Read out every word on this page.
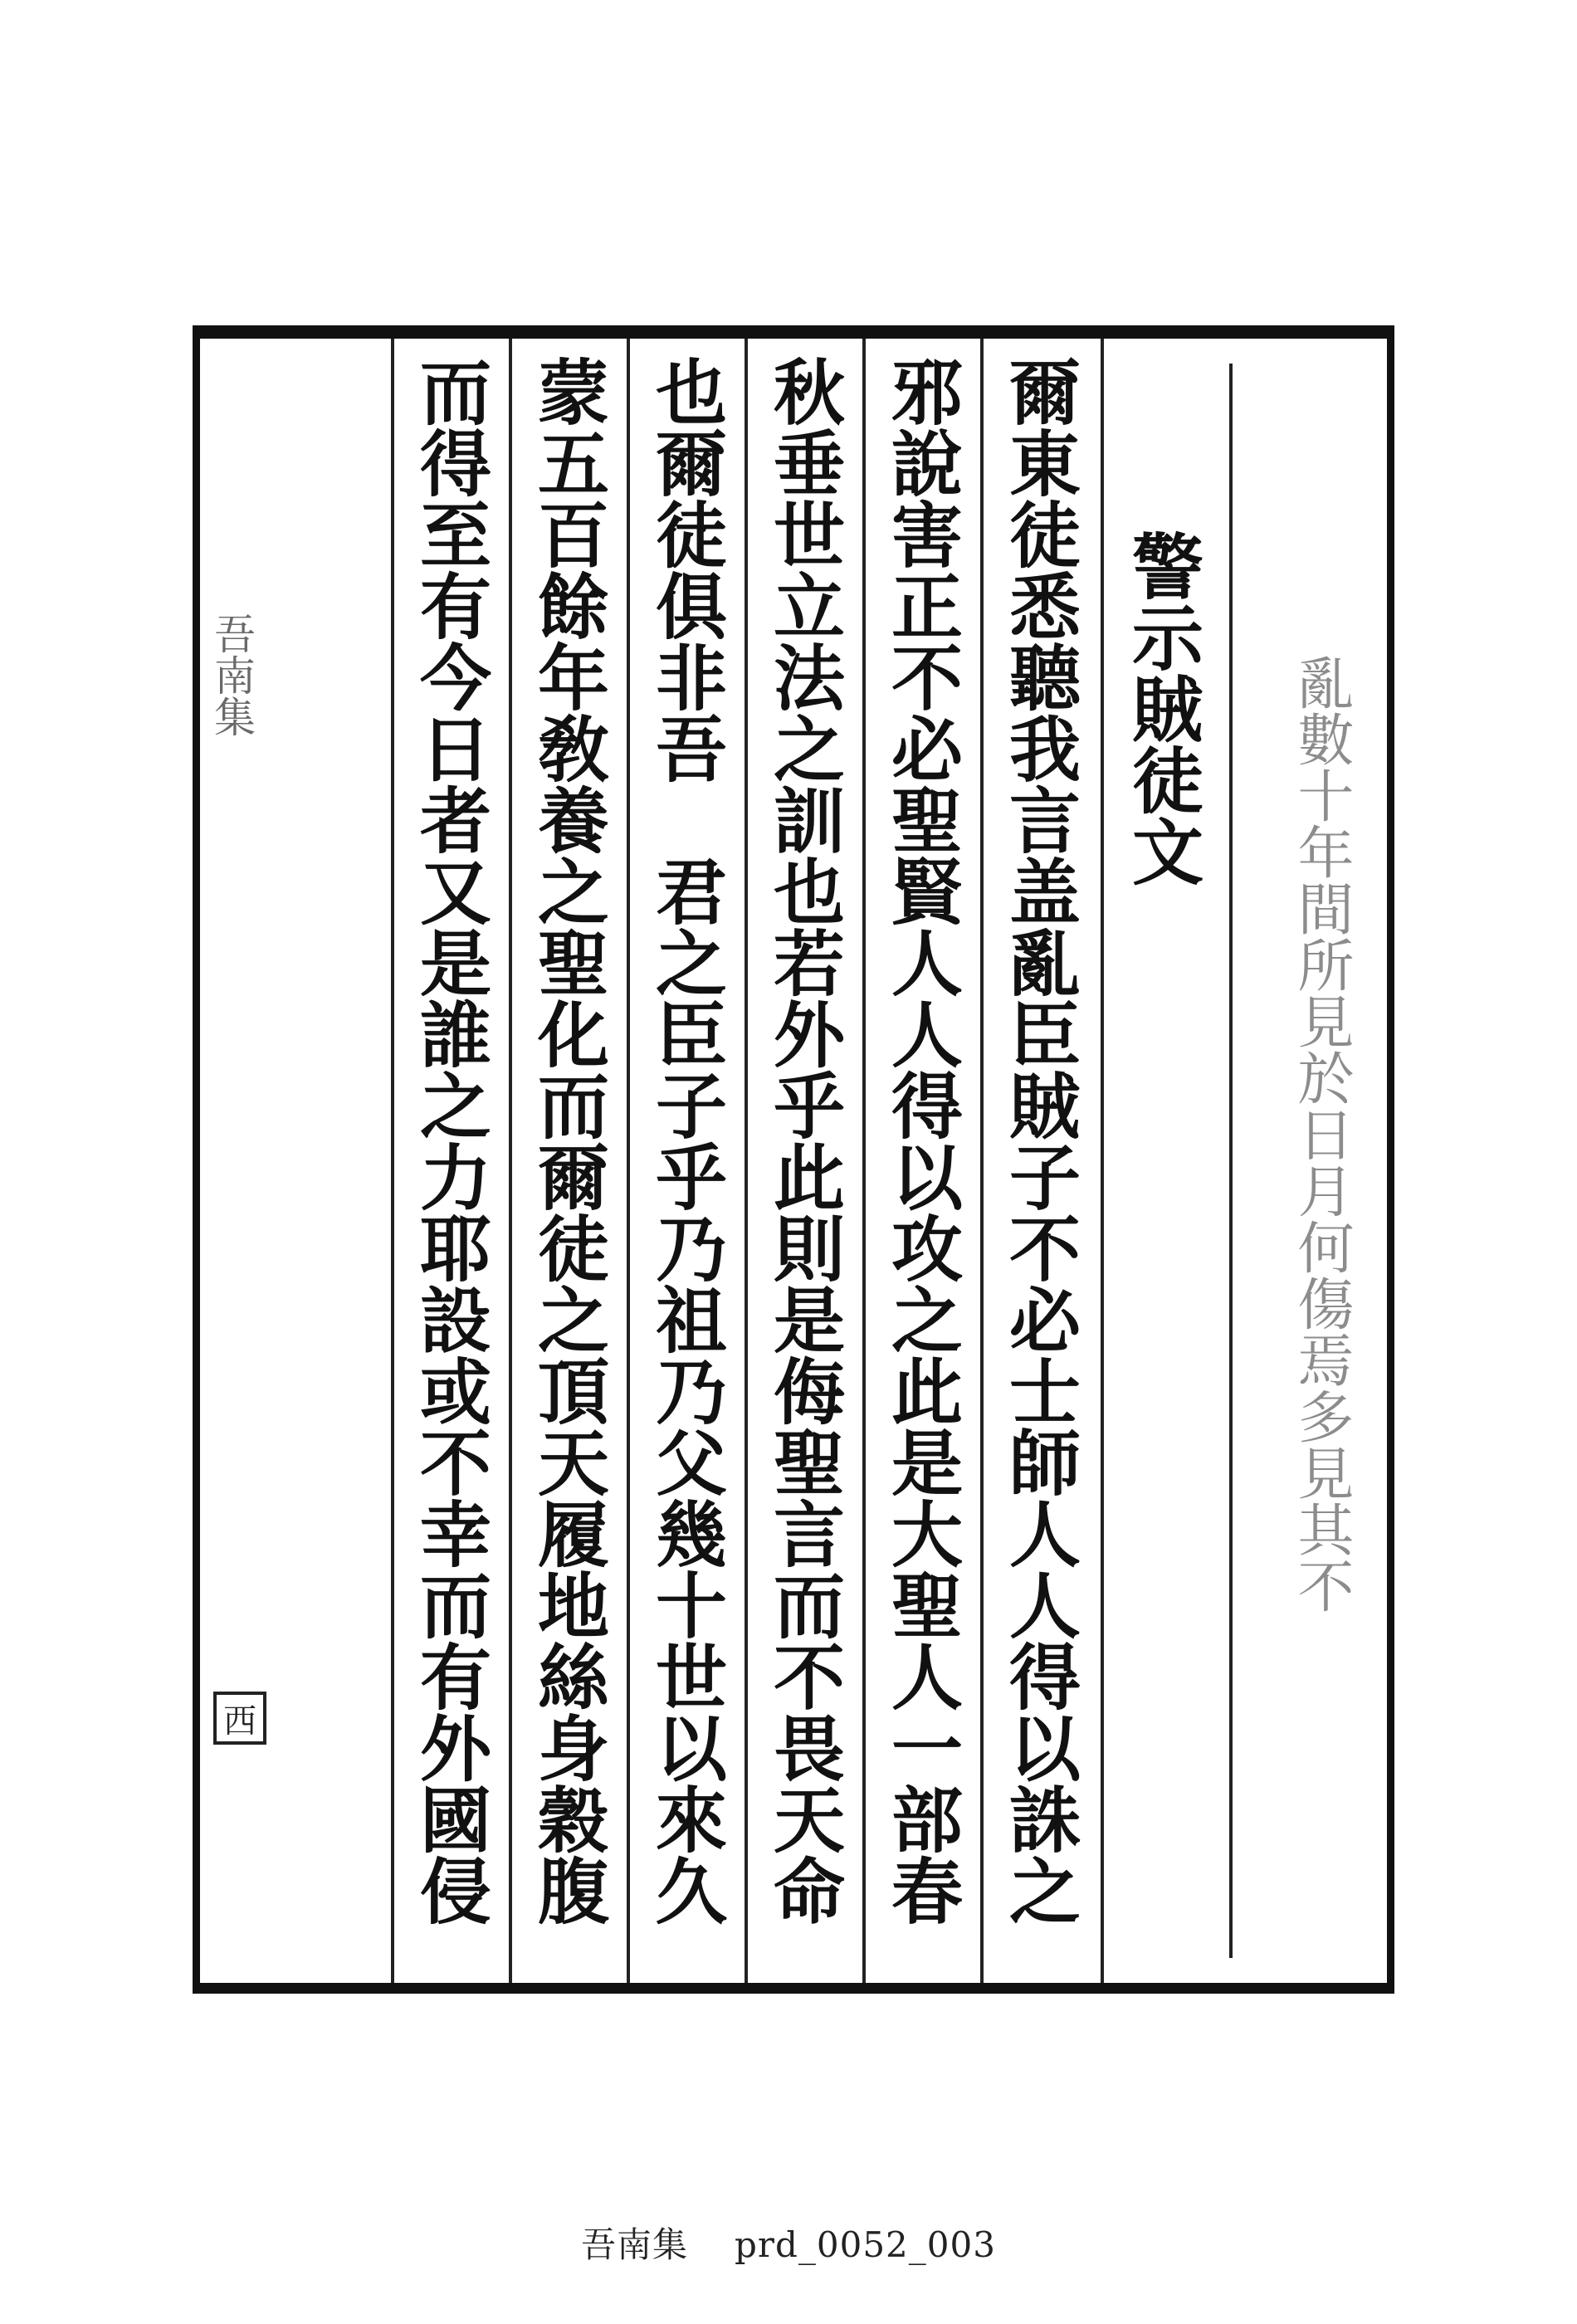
亂數十年間所見於日月何傷焉多見其不
警示賊徒文
爾東徒悉聽我言盖亂臣賊子不必士師人人得以誅之
邪說害正不必聖賢人人得以攻之此是大聖人一部春
秋垂世立法之訓也若外乎此則是侮聖言而不畏天命
也爾徒俱非吾　君之臣子乎乃祖乃父幾十世以來久
蒙五百餘年敎養之聖化而爾徒之頂天履地絲身穀腹
而得至有今日者又是誰之力耶設或不幸而有外國侵
吾南集
西
吾南集 prd_0052_003
